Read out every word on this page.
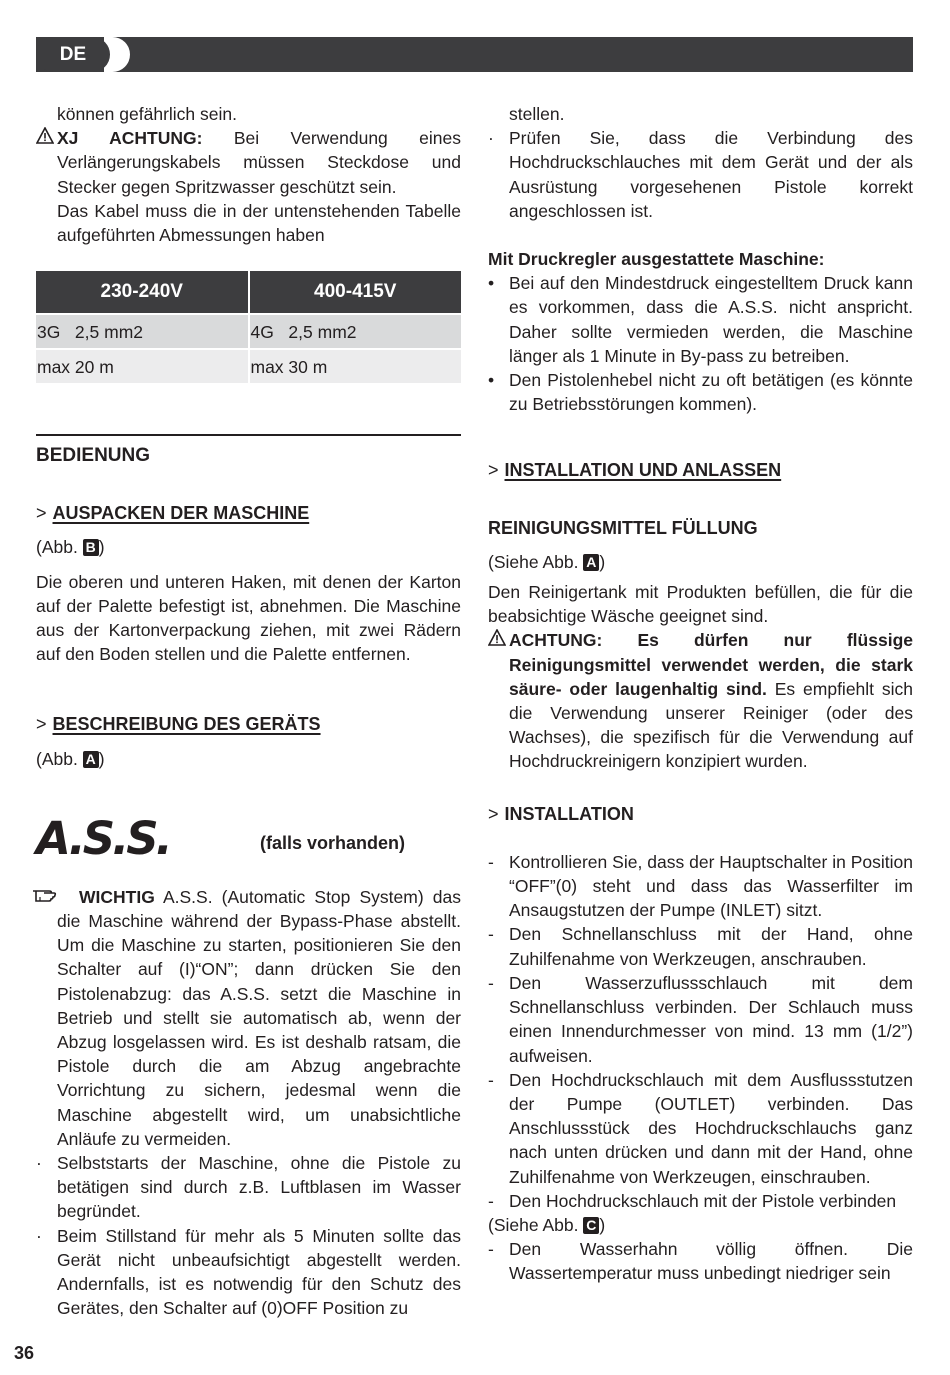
DE

können gefährlich sein.

XJ ACHTUNG: Bei Verwendung eines Verlängerungskabels müssen Steckdose und Stecker gegen Spritzwasser geschützt sein.

Das Kabel muss die in der untenstehenden Tabelle aufgeführten Abmessungen haben

230-240V	400-415V
3G   2,5 mm2	4G   2,5 mm2
max 20 m	max 30 m
BEDIENUNG

> AUSPACKEN DER MASCHINE

(Abb. B )

Die oberen und unteren Haken, mit denen der Karton auf der Palette befestigt ist, abnehmen. Die Maschine aus der Kartonverpackung ziehen, mit zwei Rädern auf den Boden stellen und die Palette entfernen.

> BESCHREIBUNG DES GERÄTS

(Abb. A )

A.S.S.	(falls vorhanden)
WICHTIG A.S.S. (Automatic Stop System) das die Maschine während der Bypass-Phase abstellt. Um die Maschine zu starten, positionieren Sie den Schalter auf (I)“ON”; dann drücken Sie den Pistolenabzug: das A.S.S. setzt die Maschine in Betrieb und stellt sie automatisch ab, wenn der Abzug losgelassen wird. Es ist deshalb ratsam, die Pistole durch die am Abzug angebrachte Vorrichtung zu sichern, jedesmal wenn die Maschine abgestellt wird, um unabsichtliche Anläufe zu vermeiden.
· Selbststarts der Maschine, ohne die Pistole zu betätigen sind durch z.B. Luftblasen im Wasser begründet.
· Beim Stillstand für mehr als 5 Minuten sollte das Gerät nicht unbeaufsichtigt abgestellt werden. Andernfalls, ist es notwendig für den Schutz des Gerätes, den Schalter auf (0)OFF Position zu

stellen.

· Prüfen Sie, dass die Verbindung des Hochdruckschlauches mit dem Gerät und der als Ausrüstung vorgesehenen Pistole korrekt angeschlossen ist.

Mit Druckregler ausgestattete Maschine:

• Bei auf den Mindestdruck eingestelltem Druck kann es vorkommen, dass die A.S.S. nicht anspricht. Daher sollte vermieden werden, die Maschine länger als 1 Minute in By-pass zu betreiben.
• Den Pistolenhebel nicht zu oft betätigen (es könnte zu Betriebsstörungen kommen).

> INSTALLATION UND ANLASSEN

REINIGUNGSMITTEL FÜLLUNG

(Siehe Abb. A )

Den Reinigertank mit Produkten befüllen, die für die beabsichtige Wäsche geeignet sind.

ACHTUNG: Es dürfen nur flüssige Reinigungsmittel verwendet werden, die stark säure- oder laugenhaltig sind. Es empfiehlt sich die Verwendung unserer Reiniger (oder des Wachses), die spezifisch für die Verwendung auf Hochdruckreinigern konzipiert wurden.

> INSTALLATION

- Kontrollieren Sie, dass der Hauptschalter in Position “OFF”(0) steht und dass das Wasserfilter im Ansaugstutzen der Pumpe (INLET) sitzt.
- Den Schnellanschluss mit der Hand, ohne Zuhilfenahme von Werkzeugen, anschrauben.
- Den Wasserzuflussschlauch mit dem Schnellanschluss verbinden. Der Schlauch muss einen Innendurchmesser von mind. 13 mm (1/2”) aufweisen.
- Den Hochdruckschlauch mit dem Ausflussstutzen der Pumpe (OUTLET) verbinden. Das Anschlussstück des Hochdruckschlauchs ganz nach unten drücken und dann mit der Hand, ohne Zuhilfenahme von Werkzeugen, einschrauben.
- Den Hochdruckschlauch mit der Pistole verbinden

(Siehe Abb. C )

- Den Wasserhahn völlig öffnen. Die Wassertemperatur muss unbedingt niedriger sein
36
